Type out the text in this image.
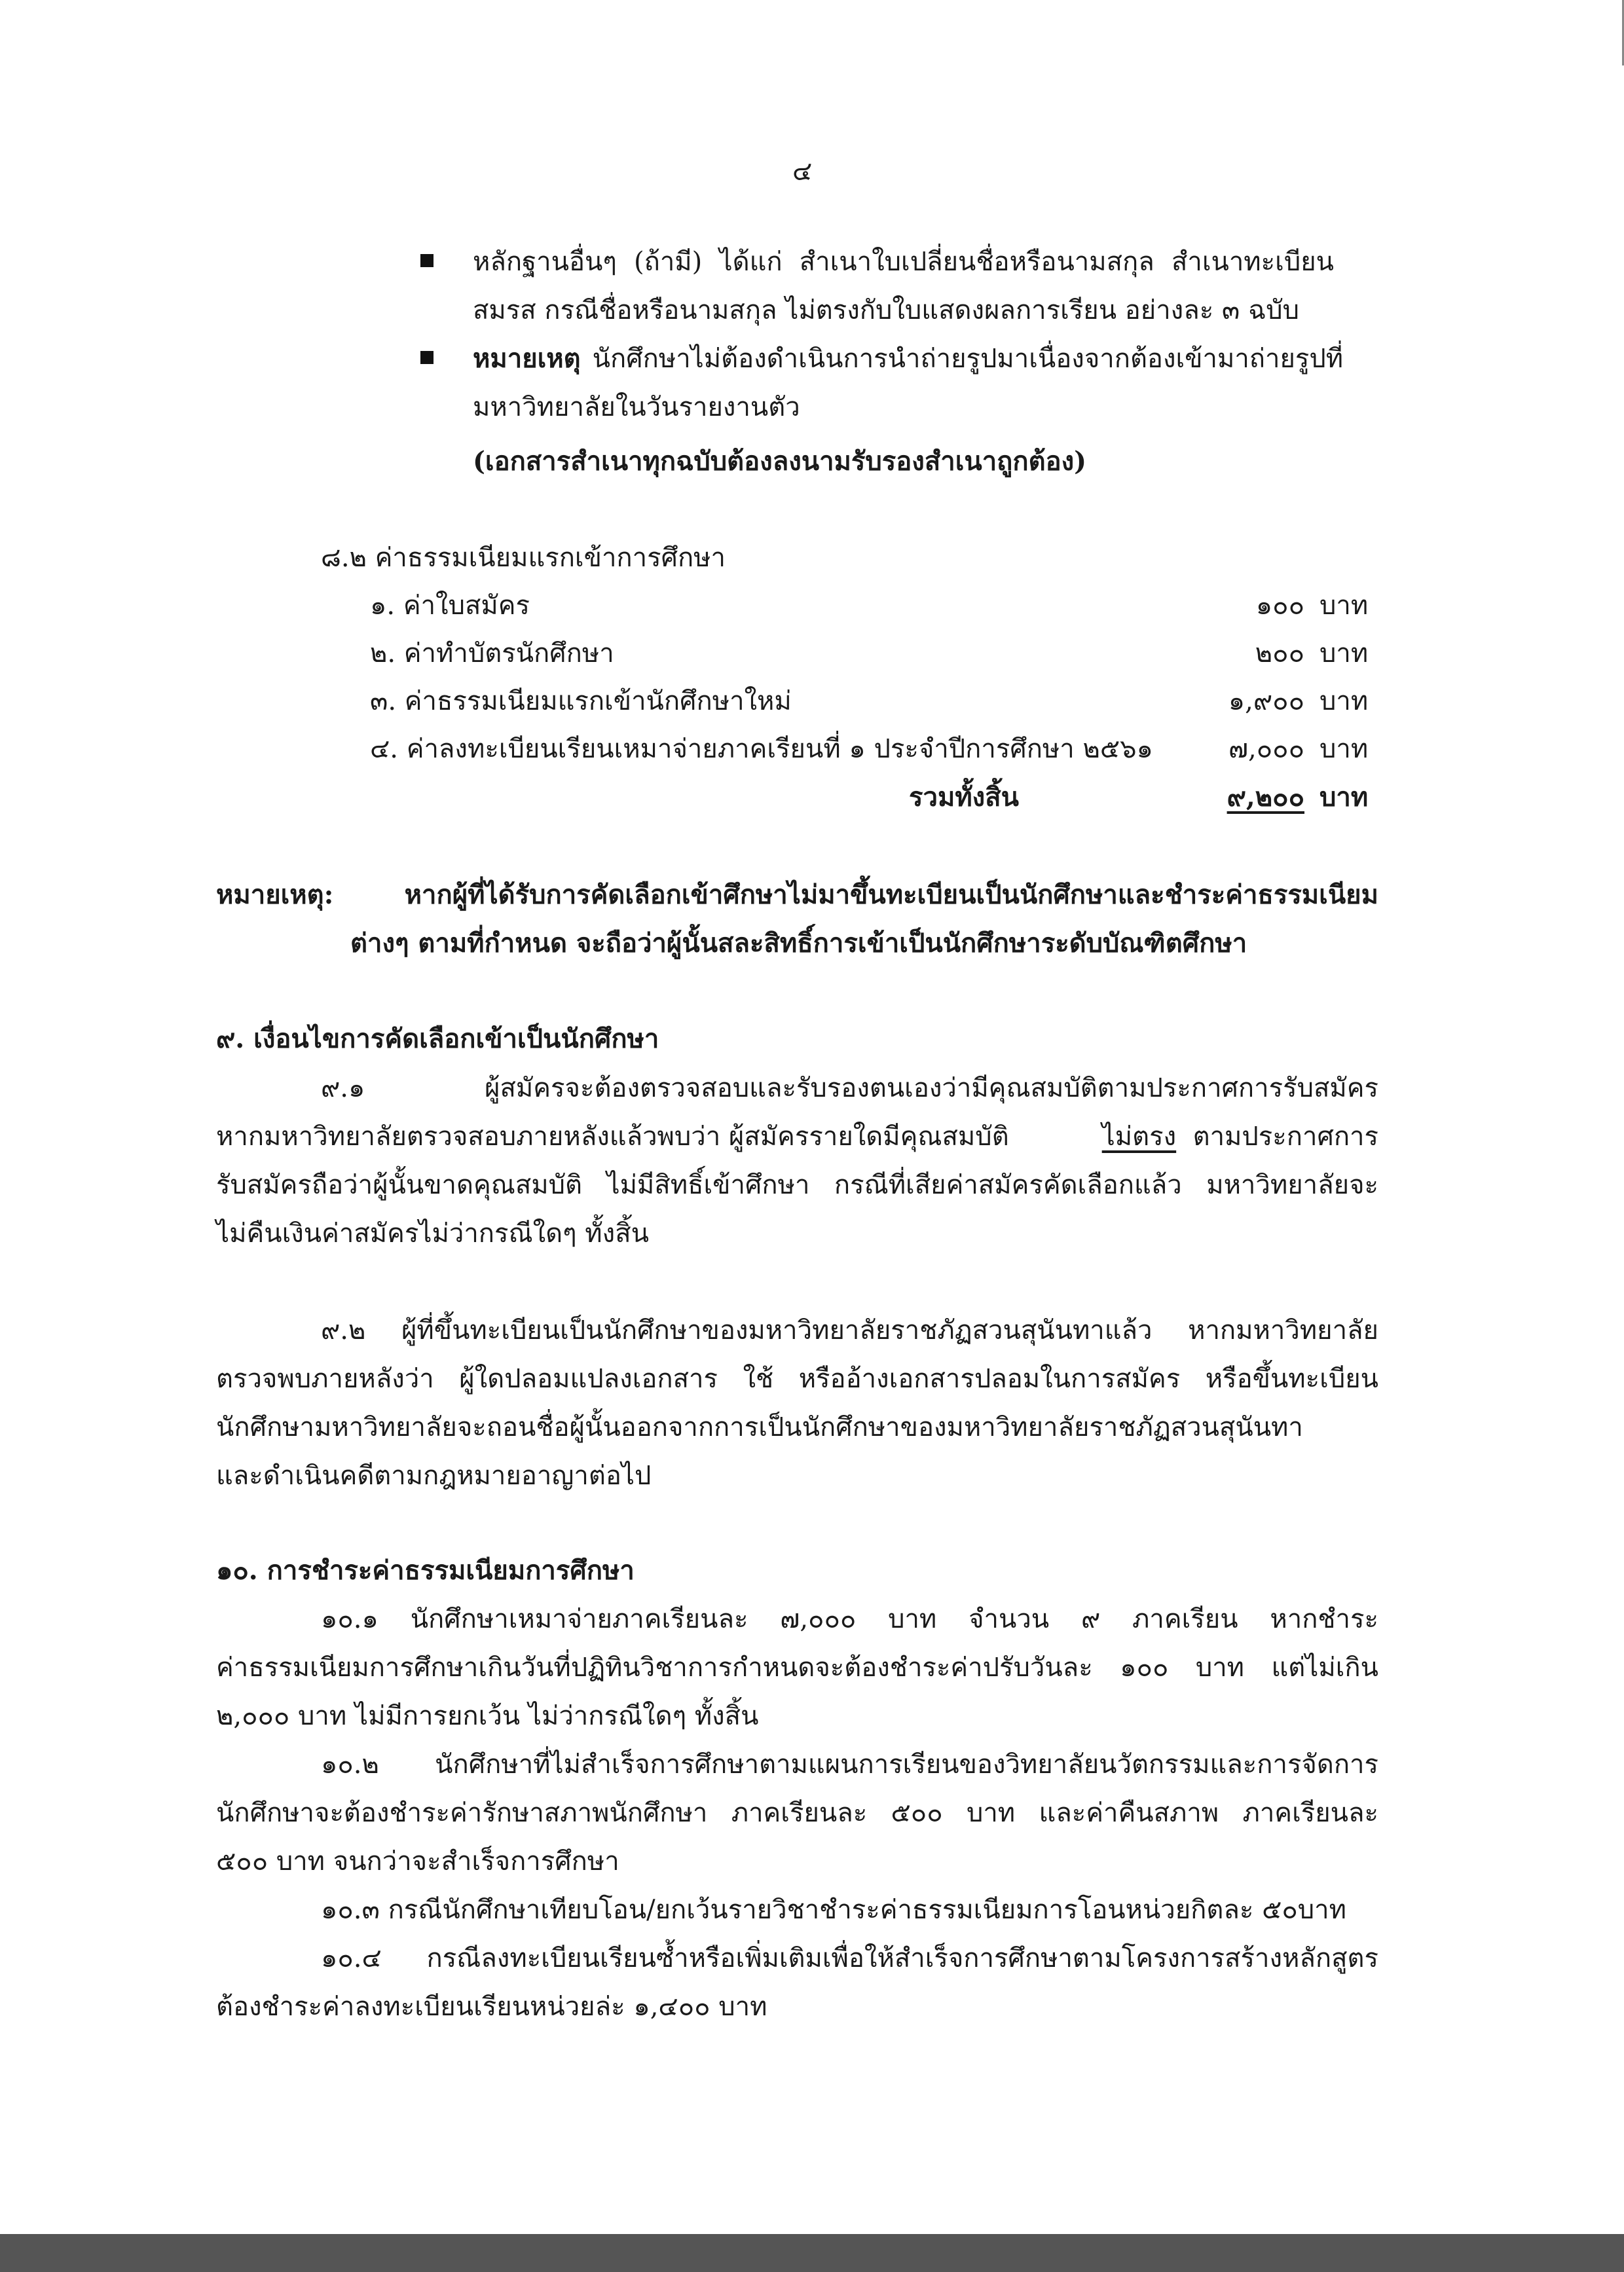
๔
หลักฐานอื่นๆ (ถ้ามี) ได้แก่ สำเนาใบเปลี่ยนชื่อหรือนามสกุล สำเนาทะเบียน
สมรส กรณีชื่อหรือนามสกุล ไม่ตรงกับใบแสดงผลการเรียน อย่างละ ๓ ฉบับ
หมายเหตุ นักศึกษาไม่ต้องดำเนินการนำถ่ายรูปมาเนื่องจากต้องเข้ามาถ่ายรูปที่
มหาวิทยาลัยในวันรายงานตัว
(เอกสารสำเนาทุกฉบับต้องลงนามรับรองสำเนาถูกต้อง)
๘.๒ ค่าธรรมเนียมแรกเข้าการศึกษา
๑. ค่าใบสมัคร	๑๐๐ บาท
๒. ค่าทำบัตรนักศึกษา	๒๐๐ บาท
๓. ค่าธรรมเนียมแรกเข้านักศึกษาใหม่	๑,๙๐๐ บาท
๔. ค่าลงทะเบียนเรียนเหมาจ่ายภาคเรียนที่ ๑ ประจำปีการศึกษา ๒๕๖๑	๗,๐๐๐ บาท
รวมทั้งสิ้น	๙,๒๐๐ บาท
หมายเหตุ: หากผู้ที่ได้รับการคัดเลือกเข้าศึกษาไม่มาขึ้นทะเบียนเป็นนักศึกษาและชำระค่าธรรมเนียม
ต่างๆ ตามที่กำหนด จะถือว่าผู้นั้นสละสิทธิ์การเข้าเป็นนักศึกษาระดับบัณฑิตศึกษา
๙. เงื่อนไขการคัดเลือกเข้าเป็นนักศึกษา
๙.๑ ผู้สมัครจะต้องตรวจสอบและรับรองตนเองว่ามีคุณสมบัติตามประกาศการรับสมัคร
หากมหาวิทยาลัยตรวจสอบภายหลังแล้วพบว่า ผู้สมัครรายใดมีคุณสมบัติ	ไม่ตรง ตามประกาศการ
รับสมัครถือว่าผู้นั้นขาดคุณสมบัติ ไม่มีสิทธิ์เข้าศึกษา กรณีที่เสียค่าสมัครคัดเลือกแล้ว มหาวิทยาลัยจะ
ไม่คืนเงินค่าสมัครไม่ว่ากรณีใดๆ ทั้งสิ้น
๙.๒ ผู้ที่ขึ้นทะเบียนเป็นนักศึกษาของมหาวิทยาลัยราชภัฏสวนสุนันทาแล้ว หากมหาวิทยาลัย
ตรวจพบภายหลังว่า ผู้ใดปลอมแปลงเอกสาร ใช้ หรืออ้างเอกสารปลอมในการสมัคร หรือขึ้นทะเบียน
นักศึกษามหาวิทยาลัยจะถอนชื่อผู้นั้นออกจากการเป็นนักศึกษาของมหาวิทยาลัยราชภัฏสวนสุนันทา
และดำเนินคดีตามกฎหมายอาญาต่อไป
๑๐. การชำระค่าธรรมเนียมการศึกษา
๑๐.๑ นักศึกษาเหมาจ่ายภาคเรียนละ ๗,๐๐๐ บาท จำนวน ๙ ภาคเรียน หากชำระ
ค่าธรรมเนียมการศึกษาเกินวันที่ปฏิทินวิชาการกำหนดจะต้องชำระค่าปรับวันละ ๑๐๐ บาท แต่ไม่เกิน
๒,๐๐๐ บาท ไม่มีการยกเว้น ไม่ว่ากรณีใดๆ ทั้งสิ้น
๑๐.๒ นักศึกษาที่ไม่สำเร็จการศึกษาตามแผนการเรียนของวิทยาลัยนวัตกรรมและการจัดการ
นักศึกษาจะต้องชำระค่ารักษาสภาพนักศึกษา ภาคเรียนละ ๕๐๐ บาท และค่าคืนสภาพ ภาคเรียนละ
๕๐๐ บาท จนกว่าจะสำเร็จการศึกษา
๑๐.๓ กรณีนักศึกษาเทียบโอน/ยกเว้นรายวิชาชำระค่าธรรมเนียมการโอนหน่วยกิตละ ๕๐บาท
๑๐.๔ กรณีลงทะเบียนเรียนซ้ำหรือเพิ่มเติมเพื่อให้สำเร็จการศึกษาตามโครงการสร้างหลักสูตร
ต้องชำระค่าลงทะเบียนเรียนหน่วยล่ะ ๑,๔๐๐ บาท
